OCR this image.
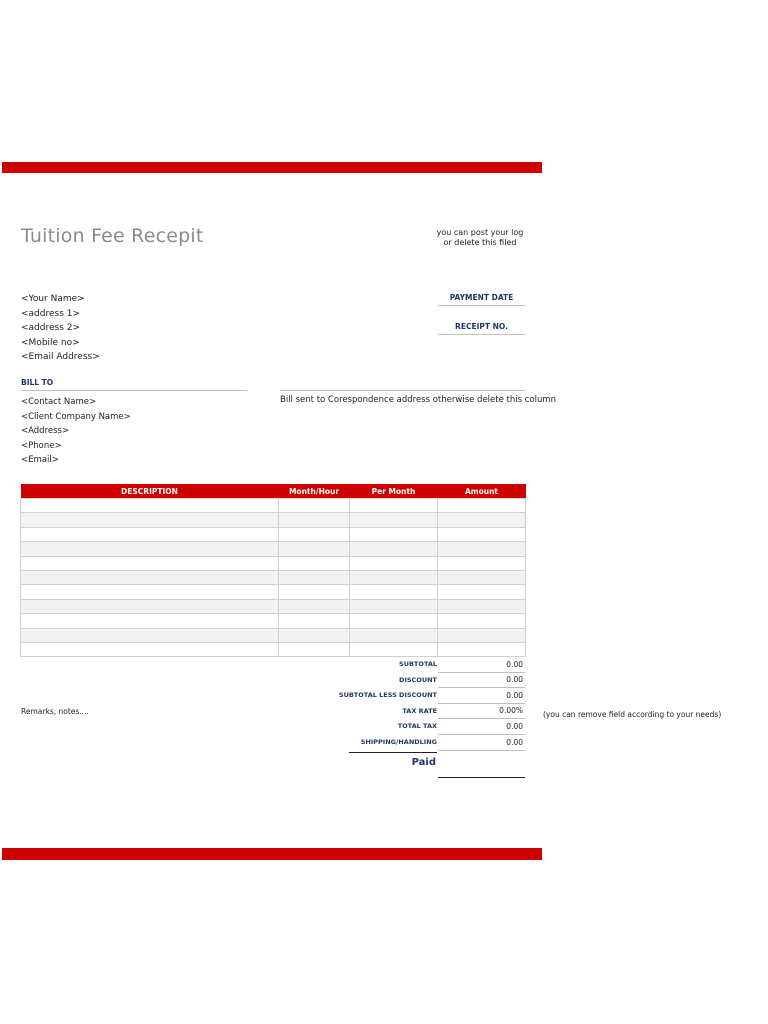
Tuition Fee Recepit	you can post your log
or delete this filed
<Your Name>
<address 1>
<address 2>
<Mobile no>
<Email Address>
PAYMENT DATE
RECEIPT NO.
BILL TO
<Contact Name>
<Client Company Name>
<Address>
<Phone>
<Email>
Bill sent to Corespondence address otherwise delete this column
DESCRIPTION	Month/Hour	Per Month	Amount

SUBTOTAL	0.00
DISCOUNT	0.00
SUBTOTAL LESS DISCOUNT	0.00
TAX RATE	0.00%
TOTAL TAX	0.00
SHIPPING/HANDLING	0.00
Remarks, notes....	(you can remove field according to your needs)
Paid
